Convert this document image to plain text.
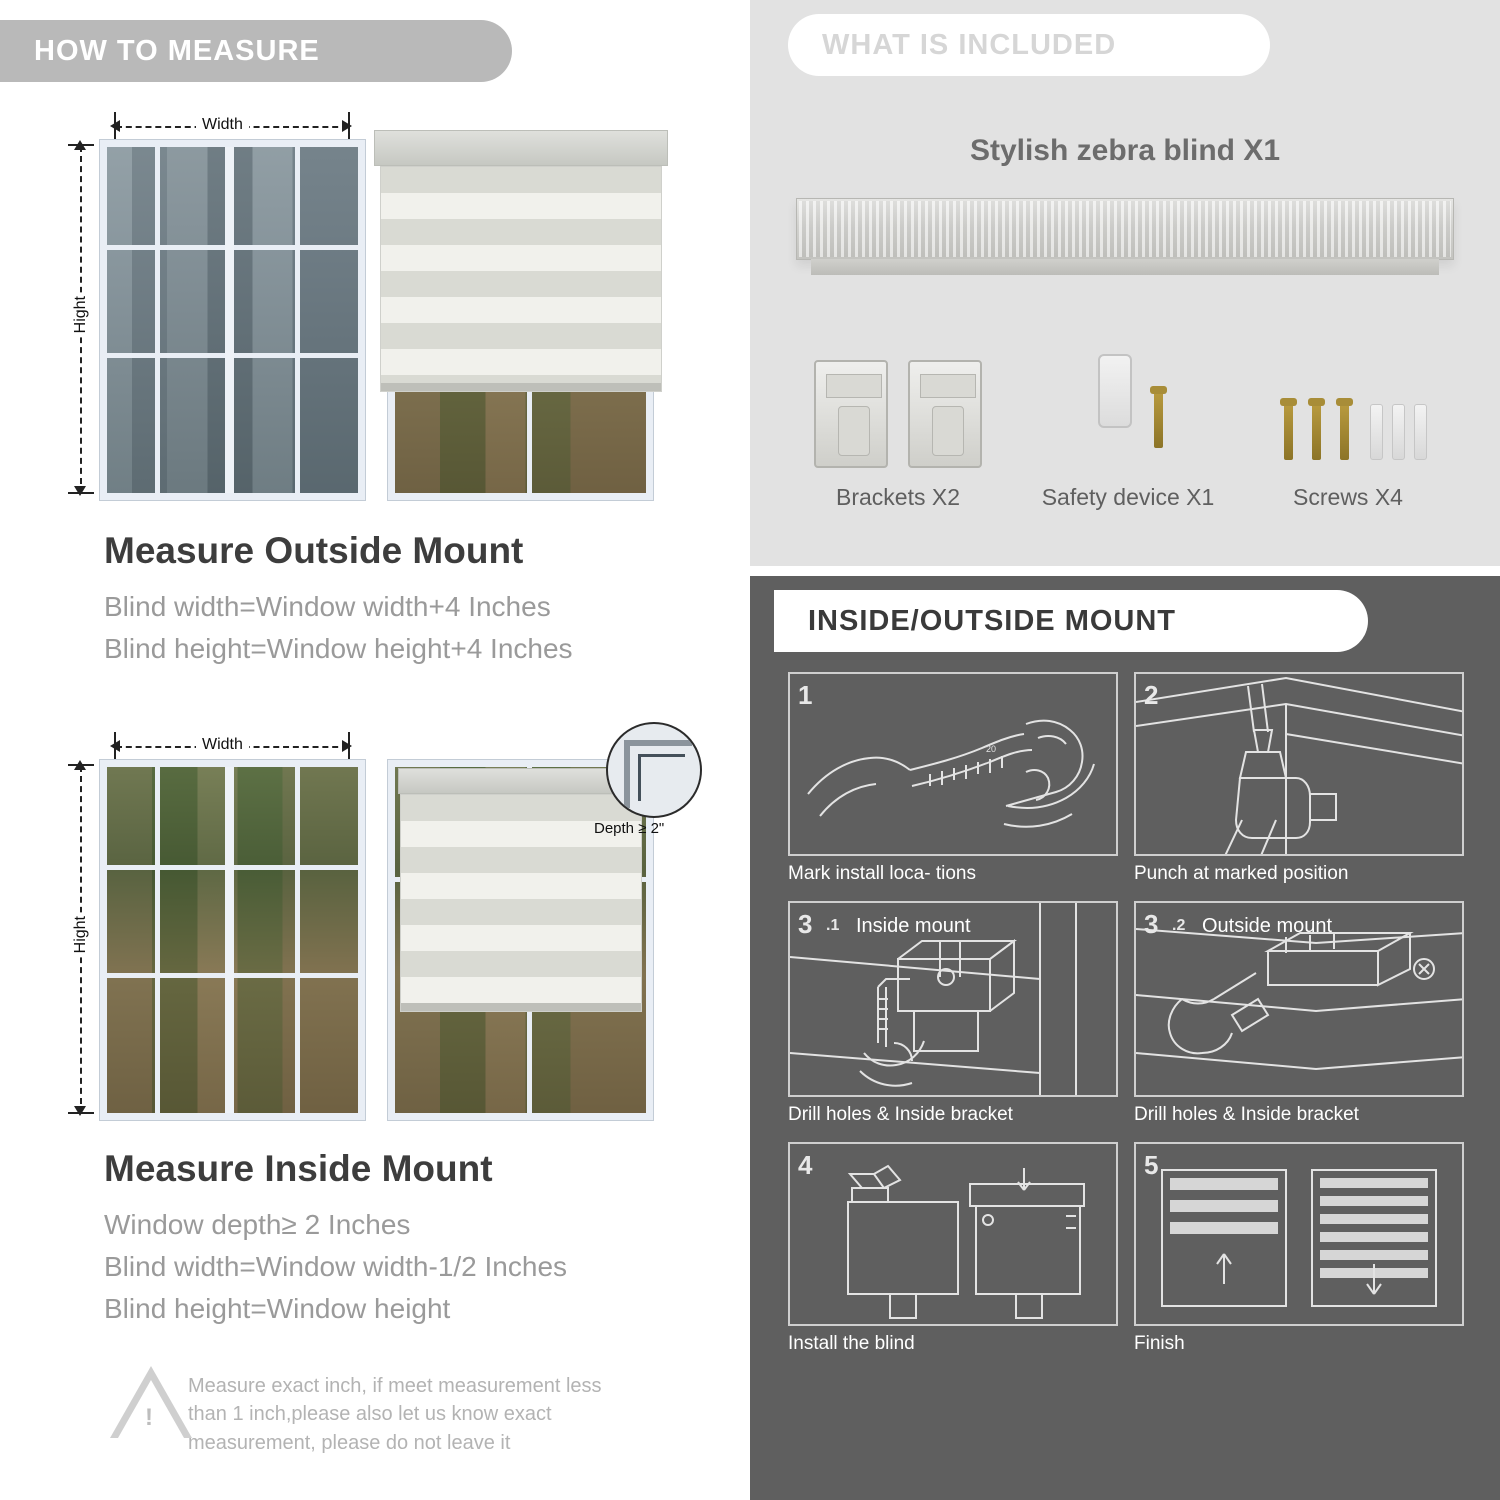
HOW TO MEASURE
Width
Hight
Measure Outside Mount
Blind width=Window width+4 Inches
Blind height=Window height+4 Inches
Width
Hight
Depth ≥ 2"
Measure Inside Mount
Window depth≥ 2 Inches
Blind width=Window width-1/2 Inches
Blind height=Window height
!
Measure exact inch, if meet measurement less than 1 inch,please also let us know exact measurement, please do not leave it
WHAT IS INCLUDED
Stylish zebra blind X1
Brackets X2	Safety device X1	Screws X4
INSIDE/OUTSIDE MOUNT
1
20
Mark install loca- tions
2
Punch at marked position
3 .1 Inside mount
Drill holes & Inside bracket
3 .2 Outside mount
Drill holes & Inside bracket
4
Install the blind
5
Finish
